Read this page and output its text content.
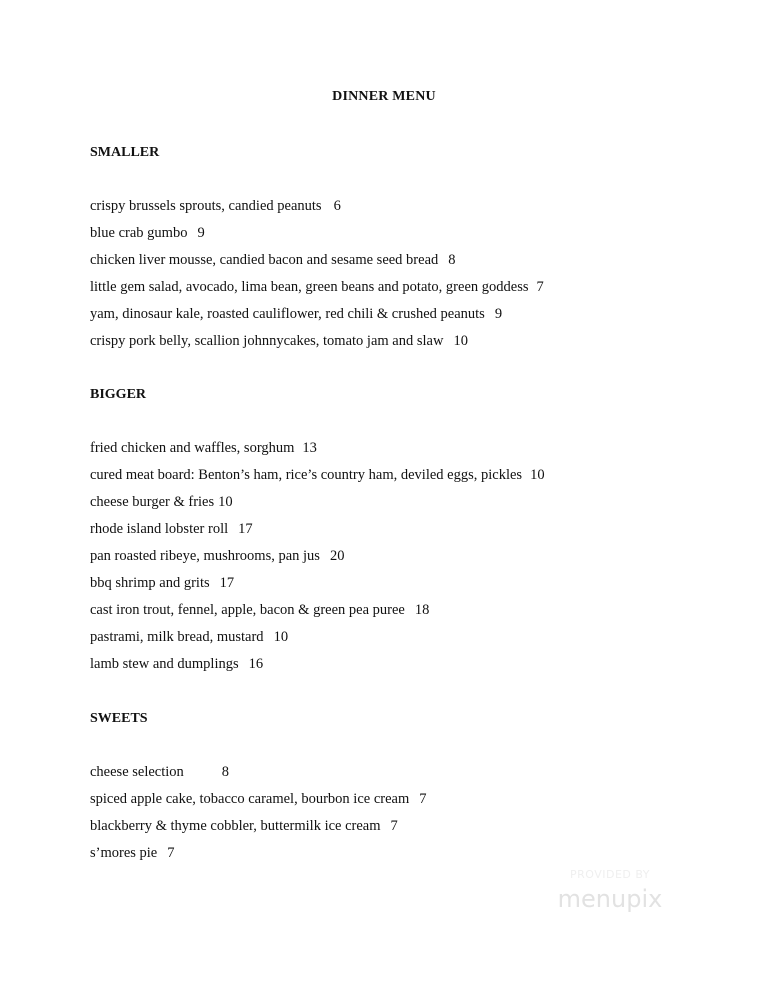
DINNER MENU
SMALLER
crispy brussels sprouts, candied peanuts 6
blue crab gumbo 9
chicken liver mousse, candied bacon and sesame seed bread 8
little gem salad, avocado, lima bean, green beans and potato, green goddess 7
yam, dinosaur kale, roasted cauliflower, red chili & crushed peanuts 9
crispy pork belly, scallion johnnycakes, tomato jam and slaw 10
BIGGER
fried chicken and waffles, sorghum 13
cured meat board: Benton’s ham, rice’s country ham, deviled eggs, pickles 10
cheese burger & fries 10
rhode island lobster roll 17
pan roasted ribeye, mushrooms, pan jus 20
bbq shrimp and grits 17
cast iron trout, fennel, apple, bacon & green pea puree 18
pastrami, milk bread, mustard 10
lamb stew and dumplings 16
SWEETS
cheese selection	8
spiced apple cake, tobacco caramel, bourbon ice cream 7
blackberry & thyme cobbler, buttermilk ice cream 7
s’mores pie 7
PROVIDED BY
menupix
